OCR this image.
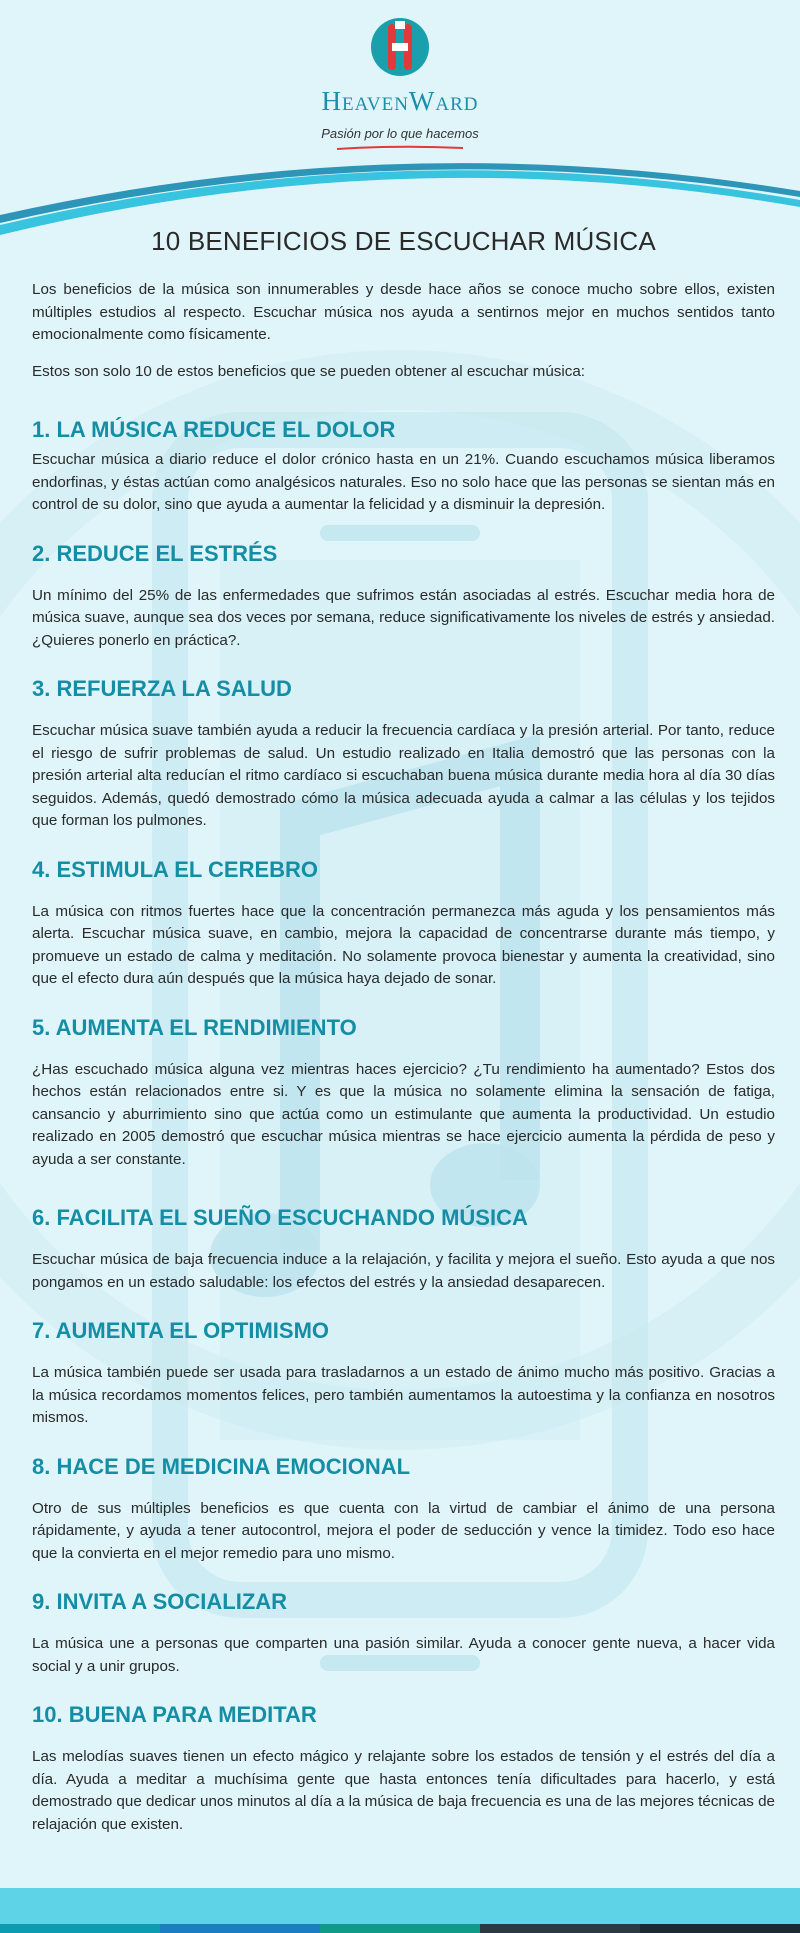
HeavenWard
Pasión por lo que hacemos
10 BENEFICIOS DE ESCUCHAR MÚSICA

Los beneficios de la música son innumerables y desde hace años se conoce mucho sobre ellos, existen múltiples estudios al respecto. Escuchar música nos ayuda a sentirnos mejor en muchos sentidos tanto emocionalmente como físicamente.

Estos son solo 10 de estos beneficios que se pueden obtener al escuchar música:

1. LA MÚSICA REDUCE EL DOLOR

Escuchar música a diario reduce el dolor crónico hasta en un 21%. Cuando escuchamos música liberamos endorfinas, y éstas actúan como analgésicos naturales. Eso no solo hace que las personas se sientan más en control de su dolor, sino que ayuda a aumentar la felicidad y a disminuir la depresión.

2. REDUCE EL ESTRÉS

Un mínimo del 25% de las enfermedades que sufrimos están asociadas al estrés. Escuchar media hora de música suave, aunque sea dos veces por semana, reduce significativamente los niveles de estrés y ansiedad. ¿Quieres ponerlo en práctica?.

3. REFUERZA LA SALUD

Escuchar música suave también ayuda a reducir la frecuencia cardíaca y la presión arterial. Por tanto, reduce el riesgo de sufrir problemas de salud. Un estudio realizado en Italia demostró que las personas con la presión arterial alta reducían el ritmo cardíaco si escuchaban buena música durante media hora al día 30 días seguidos. Además, quedó demostrado cómo la música adecuada ayuda a calmar a las células y los tejidos que forman los pulmones.

4. ESTIMULA EL CEREBRO

La música con ritmos fuertes hace que la concentración permanezca más aguda y los pensamientos más alerta. Escuchar música suave, en cambio, mejora la capacidad de concentrarse durante más tiempo, y promueve un estado de calma y meditación. No solamente provoca bienestar y aumenta la creatividad, sino que el efecto dura aún después que la música haya dejado de sonar.

5. AUMENTA EL RENDIMIENTO

¿Has escuchado música alguna vez mientras haces ejercicio? ¿Tu rendimiento ha aumentado? Estos dos hechos están relacionados entre si. Y es que la música no solamente elimina la sensación de fatiga, cansancio y aburrimiento sino que actúa como un estimulante que aumenta la productividad. Un estudio realizado en 2005 demostró que escuchar música mientras se hace ejercicio aumenta la pérdida de peso y ayuda a ser constante.

6. FACILITA EL SUEÑO ESCUCHANDO MÚSICA

Escuchar música de baja frecuencia induce a la relajación, y facilita y mejora el sueño. Esto ayuda a que nos pongamos en un estado saludable: los efectos del estrés y la ansiedad desaparecen.

7. AUMENTA EL OPTIMISMO

La música también puede ser usada para trasladarnos a un estado de ánimo mucho más positivo. Gracias a la música recordamos momentos felices, pero también aumentamos la autoestima y la confianza en nosotros mismos.

8. HACE DE MEDICINA EMOCIONAL

Otro de sus múltiples beneficios es que cuenta con la virtud de cambiar el ánimo de una persona rápidamente, y ayuda a tener autocontrol, mejora el poder de seducción y vence la timidez. Todo eso hace que la convierta en el mejor remedio para uno mismo.

9. INVITA A SOCIALIZAR

La música une a personas que comparten una pasión similar. Ayuda a conocer gente nueva, a hacer vida social y a unir grupos.

10. BUENA PARA MEDITAR

Las melodías suaves tienen un efecto mágico y relajante sobre los estados de tensión y el estrés del día a día. Ayuda a meditar a muchísima gente que hasta entonces tenía dificultades para hacerlo, y está demostrado que dedicar unos minutos al día a la música de baja frecuencia es una de las mejores técnicas de relajación que existen.
